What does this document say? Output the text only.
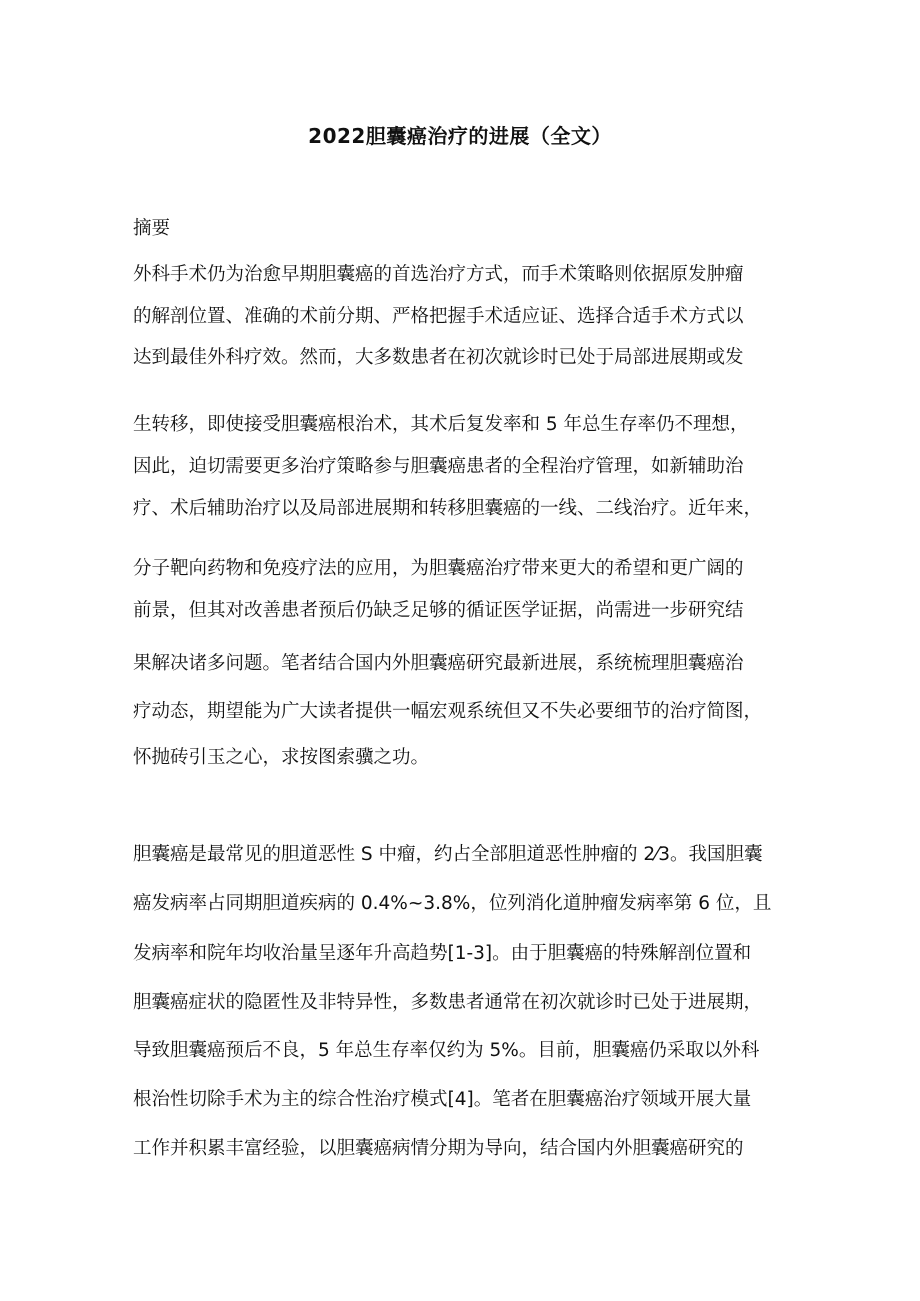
2022胆囊癌治疗的进展（全文）
摘要
外科手术仍为治愈早期胆囊癌的首选治疗方式，而手术策略则依据原发肿瘤
的解剖位置、准确的术前分期、严格把握手术适应证、选择合适手术方式以
达到最佳外科疗效。然而，大多数患者在初次就诊时已处于局部进展期或发
生转移，即使接受胆囊癌根治术，其术后复发率和 5 年总生存率仍不理想，
因此，迫切需要更多治疗策略参与胆囊癌患者的全程治疗管理，如新辅助治
疗、术后辅助治疗以及局部进展期和转移胆囊癌的一线、二线治疗。近年来，
分子靶向药物和免疫疗法的应用，为胆囊癌治疗带来更大的希望和更广阔的
前景，但其对改善患者预后仍缺乏足够的循证医学证据，尚需进一步研究结
果解决诸多问题。笔者结合国内外胆囊癌研究最新进展，系统梳理胆囊癌治
疗动态，期望能为广大读者提供一幅宏观系统但又不失必要细节的治疗简图，
怀抛砖引玉之心，求按图索骥之功。
胆囊癌是最常见的胆道恶性 S 中瘤，约占全部胆道恶性肿瘤的 2⁄3。我国胆囊
癌发病率占同期胆道疾病的 0.4%~3.8%，位列消化道肿瘤发病率第 6 位，且
发病率和院年均收治量呈逐年升高趋势[1-3]。由于胆囊癌的特殊解剖位置和
胆囊癌症状的隐匿性及非特异性，多数患者通常在初次就诊时已处于进展期，
导致胆囊癌预后不良，5 年总生存率仅约为 5%。目前，胆囊癌仍采取以外科
根治性切除手术为主的综合性治疗模式[4]。笔者在胆囊癌治疗领域开展大量
工作并积累丰富经验，以胆囊癌病情分期为导向，结合国内外胆囊癌研究的
